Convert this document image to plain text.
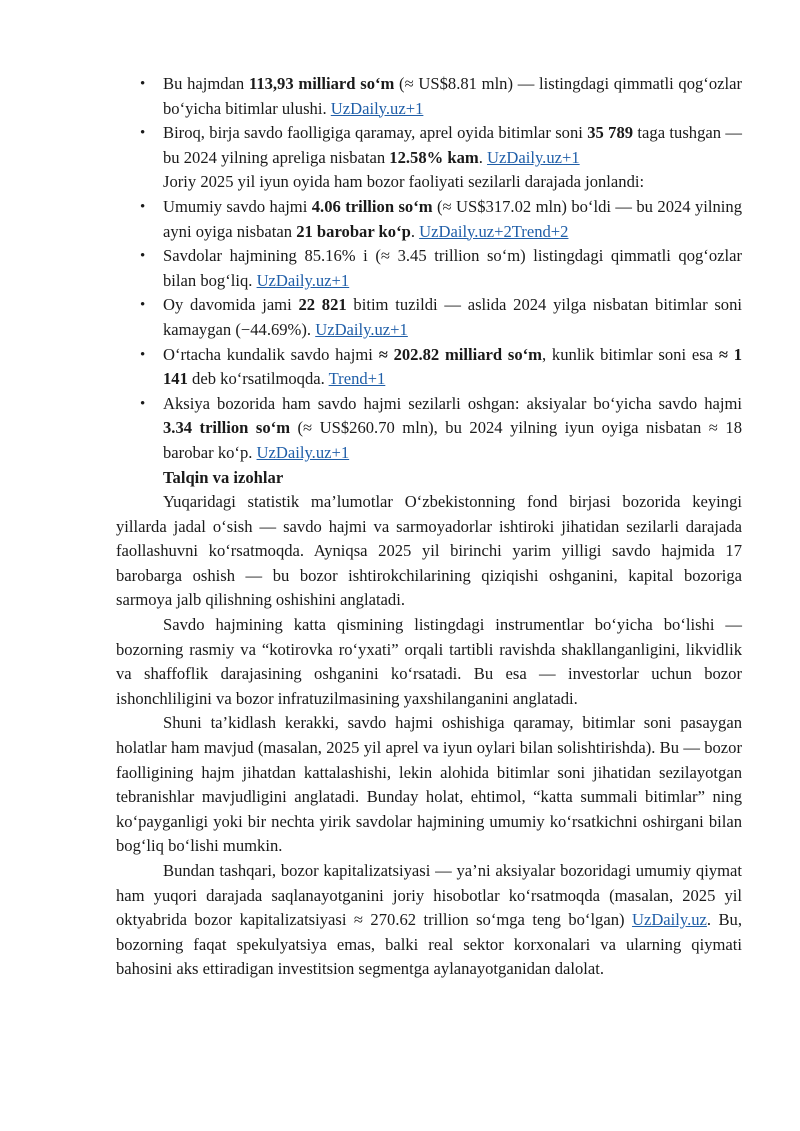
• Bu hajmdan 113,93 milliard so‘m (≈ US$8.81 mln) — listingdagi qimmatli qog‘ozlar bo‘yicha bitimlar ulushi. UzDaily.uz+1
• Biroq, birja savdo faolligiga qaramay, aprel oyida bitimlar soni 35 789 taga tushgan — bu 2024 yilning apreliga nisbatan 12.58% kam. UzDaily.uz+1
Joriy 2025 yil iyun oyida ham bozor faoliyati sezilarli darajada jonlandi:
• Umumiy savdo hajmi 4.06 trillion so‘m (≈ US$317.02 mln) bo‘ldi — bu 2024 yilning ayni oyiga nisbatan 21 barobar ko‘p. UzDaily.uz+2Trend+2
• Savdolar hajmining 85.16% i (≈ 3.45 trillion so‘m) listingdagi qimmatli qog‘ozlar bilan bog‘liq. UzDaily.uz+1
• Oy davomida jami 22 821 bitim tuzildi — aslida 2024 yilga nisbatan bitimlar soni kamaygan (−44.69%). UzDaily.uz+1
• O‘rtacha kundalik savdo hajmi ≈ 202.82 milliard so‘m, kunlik bitimlar soni esa ≈ 1 141 deb ko‘rsatilmoqda. Trend+1
• Aksiya bozorida ham savdo hajmi sezilarli oshgan: aksiyalar bo‘yicha savdo hajmi 3.34 trillion so‘m (≈ US$260.70 mln), bu 2024 yilning iyun oyiga nisbatan ≈ 18 barobar ko‘p. UzDaily.uz+1
Talqin va izohlar

Yuqaridagi statistik ma’lumotlar O‘zbekistonning fond birjasi bozorida keyingi yillarda jadal o‘sish — savdo hajmi va sarmoyadorlar ishtiroki jihatidan sezilarli darajada faollashuvni ko‘rsatmoqda. Ayniqsa 2025 yil birinchi yarim yilligi savdo hajmida 17 barobarga oshish — bu bozor ishtirokchilarining qiziqishi oshganini, kapital bozoriga sarmoya jalb qilishning oshishini anglatadi.

Savdo hajmining katta qismining listingdagi instrumentlar bo‘yicha bo‘lishi — bozorning rasmiy va “kotirovka ro‘yxati” orqali tartibli ravishda shakllanganligini, likvidlik va shaffoflik darajasining oshganini ko‘rsatadi. Bu esa — investorlar uchun bozor ishonchliligini va bozor infratuzilmasining yaxshilanganini anglatadi.

Shuni ta’kidlash kerakki, savdo hajmi oshishiga qaramay, bitimlar soni pasaygan holatlar ham mavjud (masalan, 2025 yil aprel va iyun oylari bilan solishtirishda). Bu — bozor faolligining hajm jihatdan kattalashishi, lekin alohida bitimlar soni jihatidan sezilayotgan tebranishlar mavjudligini anglatadi. Bunday holat, ehtimol, “katta summali bitimlar” ning ko‘payganligi yoki bir nechta yirik savdolar hajmining umumiy ko‘rsatkichni oshirgani bilan bog‘liq bo‘lishi mumkin.

Bundan tashqari, bozor kapitalizatsiyasi — ya’ni aksiyalar bozoridagi umumiy qiymat ham yuqori darajada saqlanayotganini joriy hisobotlar ko‘rsatmoqda (masalan, 2025 yil oktyabrida bozor kapitalizatsiyasi ≈ 270.62 trillion so‘mga teng bo‘lgan) UzDaily.uz. Bu, bozorning faqat spekulyatsiya emas, balki real sektor korxonalari va ularning qiymati bahosini aks ettiradigan investitsion segmentga aylanayotganidan dalolat.
